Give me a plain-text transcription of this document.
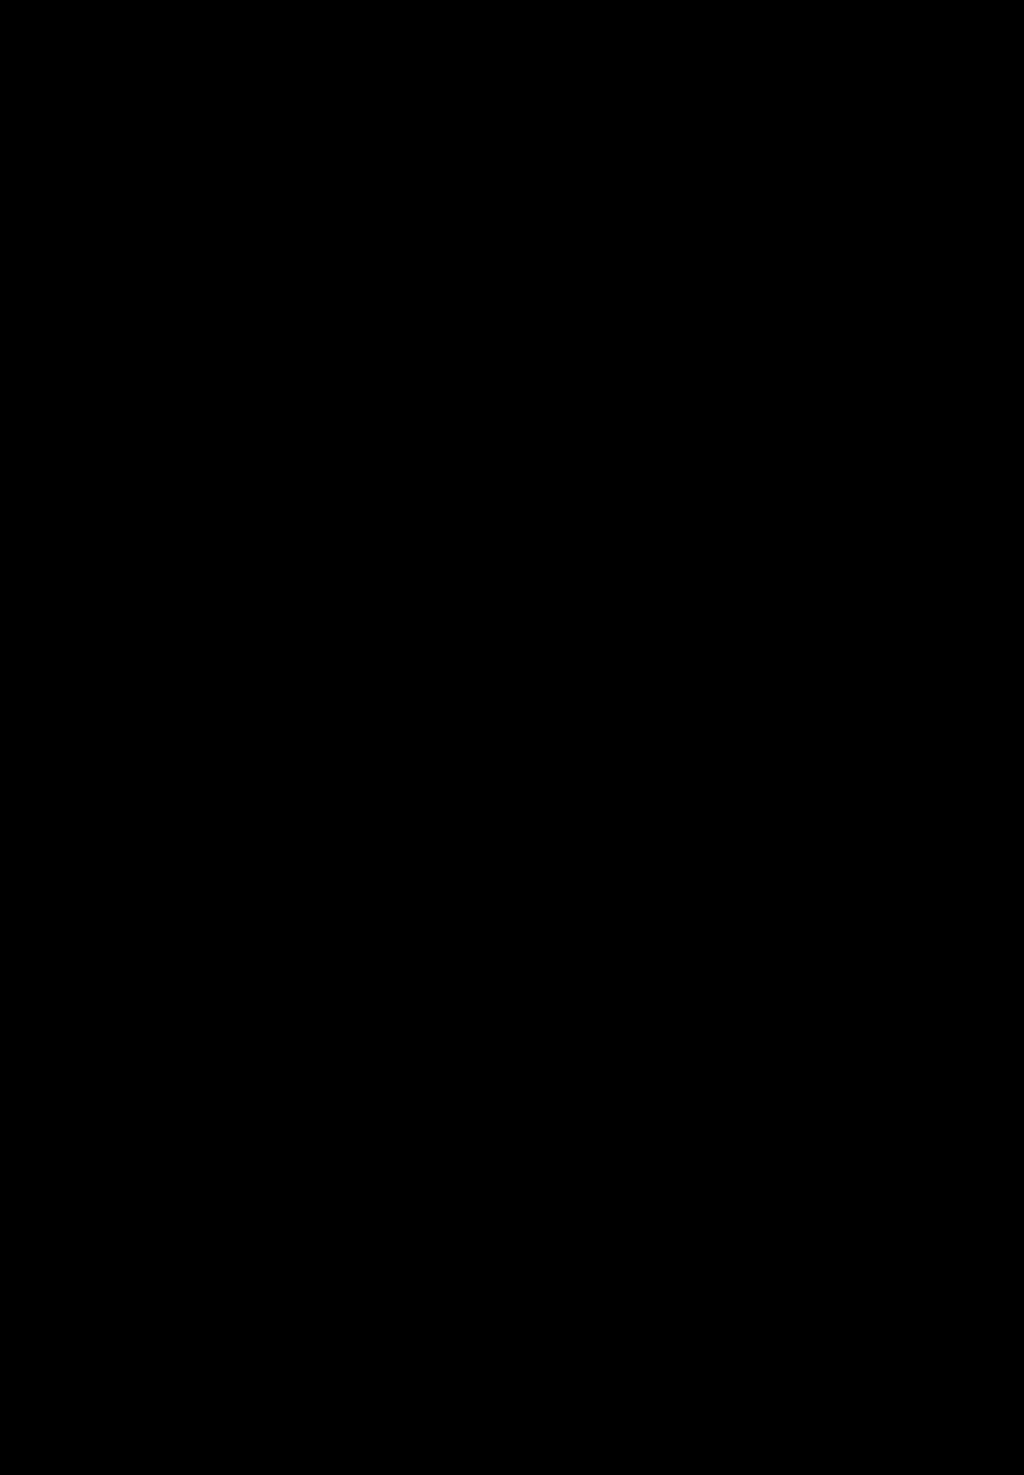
területekről jöttek beszélték. Az egyik első, ismert provinciális francia földről származott el hazánkba. Eger mellett Pozsony, Győr, Esztergom, Székesfehérvár, Óbuda lehettek az első, őket befogadó városok. Az 1230-as évek második felében az ország déli részein (Pécs, Szerémség), valamint az észak-nyugati területeken is otthonra találtak, s ennek logikus következménye volt az, hogy 1238-ban felállították a magyar tartományt, ami a ferences rendben egy évvel később bejegyzett szervezeti válságot-földrengést is túlélte. Ez azt jelentette, hogy a magyar provincia életképes volt, elegendő számú közösséggel rendelkezett az önállóság megőrzéséhez.

Visszatérve a huszadik századi rendtörténet-írásra, Karácsonyi János nagyváradi kanonok halála után Balanyi György piarista szerzetes, történész folytatta a kutatásokat, és több fontos tanulmányt közölt Szent Ferenc fiainak egyetemes és hazai történetével kapcsolatban. Takács Ince ferences szerzetes a harmincas évektől kezdve jelentkezett egyre gyakrabban rendtörténeti témájú írásaival, a mostoha történelem azonban megakadályozta élete főművének publikálásában, amelyet nemrég poszthumusz megjelenésben vehetett kézbe a magyar olvasók népes tábora. Nagy öröm, hogy Rácz Piusz ferences szerzetes folytatja a rendtörténet-írás nemes hagyományát és évtizedes kutatásának eredményeit e könyvben közrebocsátja. A szerzőtől merészség, hogy a megszokott mariánus provincia helyett Mariana Provincia elnevezést alkalmaz, de hát a klasszikus filológus megjelölés helyett is a klasszikus filológus a helyes változat, és ennek alapján dicsérendő a helyes kifejezés használata.

Minden könyv önmagáért beszél, az előszónak nem feladata röviden elmondani annak tartalmát. E sorok írója arra kéri az olvasót, üsse föl e könyvet, mélyedjen el az olvasásában és kössön jóbarátságot Szent Ferenc fiaival.

Dr. Török József
